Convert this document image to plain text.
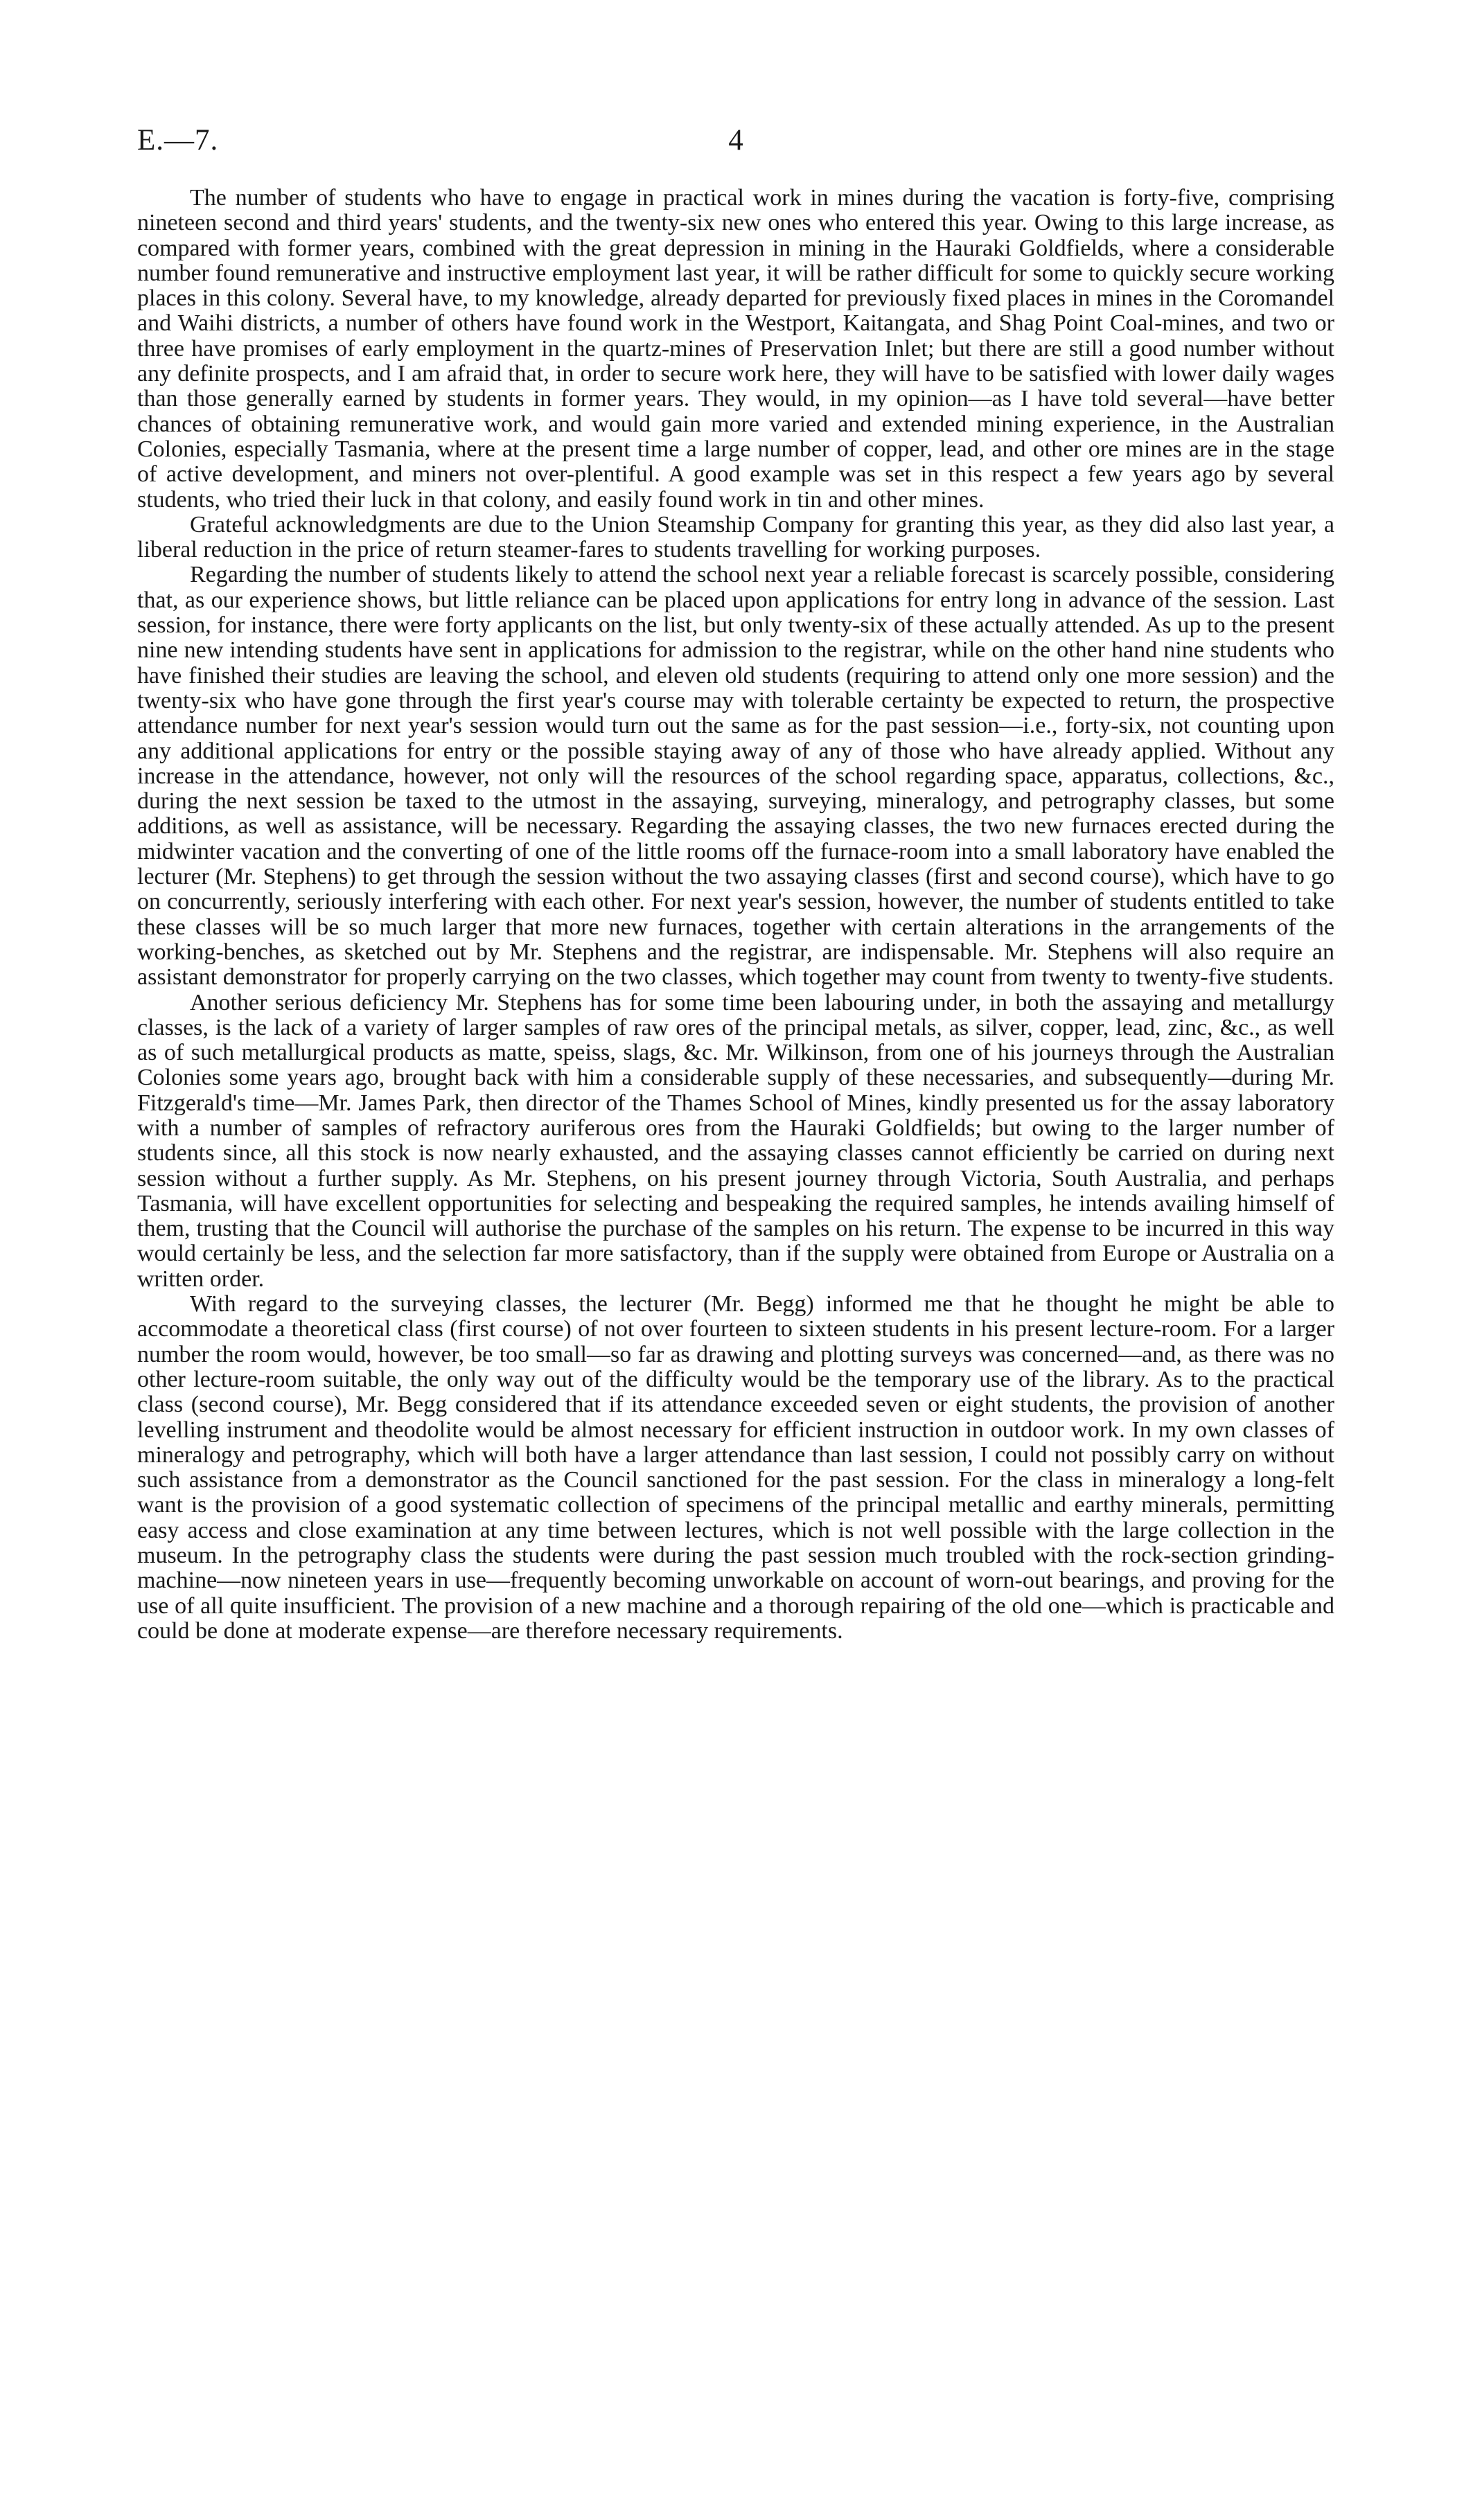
E.—7.	4

The number of students who have to engage in practical work in mines during the vacation is forty-five, comprising nineteen second and third years' students, and the twenty-six new ones who entered this year. Owing to this large increase, as compared with former years, combined with the great depression in mining in the Hauraki Goldfields, where a considerable number found remunerative and instructive employment last year, it will be rather difficult for some to quickly secure working places in this colony. Several have, to my knowledge, already departed for previously fixed places in mines in the Coromandel and Waihi districts, a number of others have found work in the Westport, Kaitangata, and Shag Point Coal-mines, and two or three have promises of early employment in the quartz-mines of Preservation Inlet; but there are still a good number without any definite prospects, and I am afraid that, in order to secure work here, they will have to be satisfied with lower daily wages than those generally earned by students in former years. They would, in my opinion—as I have told several—have better chances of obtaining remunerative work, and would gain more varied and extended mining experience, in the Australian Colonies, especially Tasmania, where at the present time a large number of copper, lead, and other ore mines are in the stage of active development, and miners not over-plentiful. A good example was set in this respect a few years ago by several students, who tried their luck in that colony, and easily found work in tin and other mines.

Grateful acknowledgments are due to the Union Steamship Company for granting this year, as they did also last year, a liberal reduction in the price of return steamer-fares to students travelling for working purposes.

Regarding the number of students likely to attend the school next year a reliable forecast is scarcely possible, considering that, as our experience shows, but little reliance can be placed upon applications for entry long in advance of the session. Last session, for instance, there were forty applicants on the list, but only twenty-six of these actually attended. As up to the present nine new intending students have sent in applications for admission to the registrar, while on the other hand nine students who have finished their studies are leaving the school, and eleven old students (requiring to attend only one more session) and the twenty-six who have gone through the first year's course may with tolerable certainty be expected to return, the prospective attendance number for next year's session would turn out the same as for the past session—i.e., forty-six, not counting upon any additional applications for entry or the possible staying away of any of those who have already applied. Without any increase in the attendance, however, not only will the resources of the school regarding space, apparatus, collections, &c., during the next session be taxed to the utmost in the assaying, surveying, mineralogy, and petrography classes, but some additions, as well as assistance, will be necessary. Regarding the assaying classes, the two new furnaces erected during the midwinter vacation and the converting of one of the little rooms off the furnace-room into a small laboratory have enabled the lecturer (Mr. Stephens) to get through the session without the two assaying classes (first and second course), which have to go on concurrently, seriously interfering with each other. For next year's session, however, the number of students entitled to take these classes will be so much larger that more new furnaces, together with certain alterations in the arrangements of the working-benches, as sketched out by Mr. Stephens and the registrar, are indispensable. Mr. Stephens will also require an assistant demonstrator for properly carrying on the two classes, which together may count from twenty to twenty-five students.

Another serious deficiency Mr. Stephens has for some time been labouring under, in both the assaying and metallurgy classes, is the lack of a variety of larger samples of raw ores of the principal metals, as silver, copper, lead, zinc, &c., as well as of such metallurgical products as matte, speiss, slags, &c. Mr. Wilkinson, from one of his journeys through the Australian Colonies some years ago, brought back with him a considerable supply of these necessaries, and subsequently—during Mr. Fitzgerald's time—Mr. James Park, then director of the Thames School of Mines, kindly presented us for the assay laboratory with a number of samples of refractory auriferous ores from the Hauraki Goldfields; but owing to the larger number of students since, all this stock is now nearly exhausted, and the assaying classes cannot efficiently be carried on during next session without a further supply. As Mr. Stephens, on his present journey through Victoria, South Australia, and perhaps Tasmania, will have excellent opportunities for selecting and bespeaking the required samples, he intends availing himself of them, trusting that the Council will authorise the purchase of the samples on his return. The expense to be incurred in this way would certainly be less, and the selection far more satisfactory, than if the supply were obtained from Europe or Australia on a written order.

With regard to the surveying classes, the lecturer (Mr. Begg) informed me that he thought he might be able to accommodate a theoretical class (first course) of not over fourteen to sixteen students in his present lecture-room. For a larger number the room would, however, be too small—so far as drawing and plotting surveys was concerned—and, as there was no other lecture-room suitable, the only way out of the difficulty would be the temporary use of the library. As to the practical class (second course), Mr. Begg considered that if its attendance exceeded seven or eight students, the provision of another levelling instrument and theodolite would be almost necessary for efficient instruction in outdoor work. In my own classes of mineralogy and petrography, which will both have a larger attendance than last session, I could not possibly carry on without such assistance from a demonstrator as the Council sanctioned for the past session. For the class in mineralogy a long-felt want is the provision of a good systematic collection of specimens of the principal metallic and earthy minerals, permitting easy access and close examination at any time between lectures, which is not well possible with the large collection in the museum. In the petrography class the students were during the past session much troubled with the rock-section grinding-machine—now nineteen years in use—frequently becoming unworkable on account of worn-out bearings, and proving for the use of all quite insufficient. The provision of a new machine and a thorough repairing of the old one—which is practicable and could be done at moderate expense—are therefore necessary requirements.
